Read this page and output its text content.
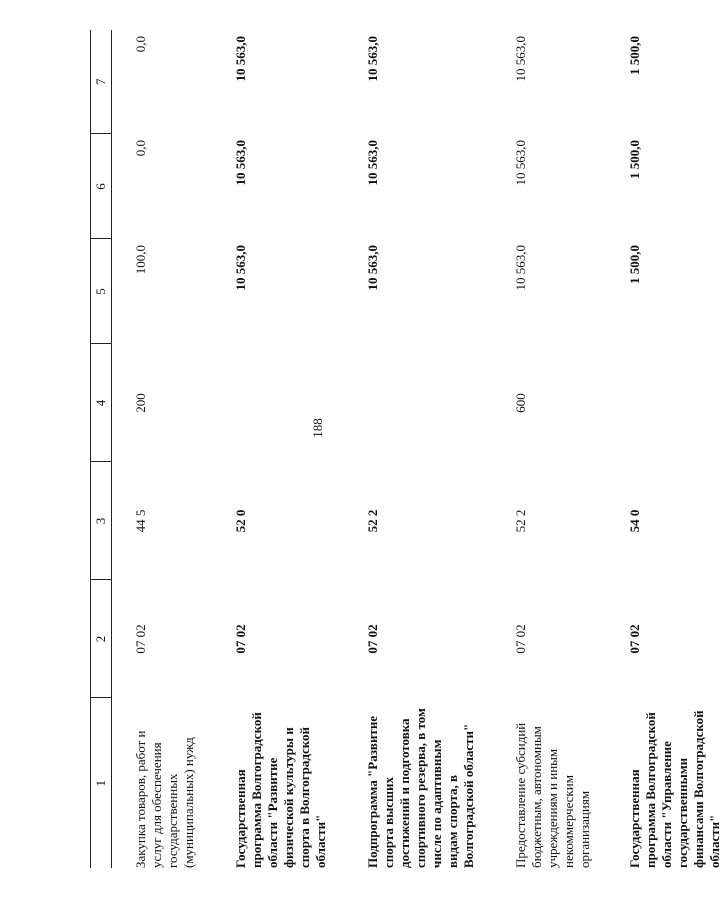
188
1	2	3	4	5	6	7
Закупка товаров, работ и услуг для обеспечения государственных (муниципальных) нужд	07 02	44 5	200	100,0	0,0	0,0
Государственная программа Волгоградской области "Развитие физической культуры и спорта в Волгоградской области"	07 02	52 0		10 563,0	10 563,0	10 563,0
Подпрограмма "Развитие спорта высших достижений и подготовка спортивного резерва, в том числе по адаптивным видам спорта, в Волгоградской области"	07 02	52 2		10 563,0	10 563,0	10 563,0
Предоставление субсидий бюджетным, автономным учреждениям и иным некоммерческим организациям	07 02	52 2	600	10 563,0	10 563,0	10 563,0
Государственная программа Волгоградской области "Управление государственными финансами Волгоградской области"	07 02	54 0		1 500,0	1 500,0	1 500,0
